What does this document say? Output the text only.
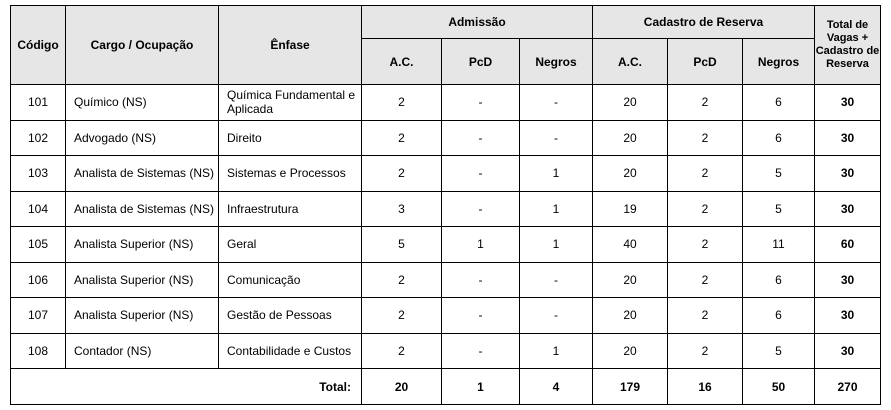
Código	Cargo / Ocupação	Ênfase	Admissão			Cadastro de Reserva			Total de Vagas + Cadastro de Reserva
			A.C.	PcD	Negros	A.C.	PcD	Negros	
101	Químico (NS)	Química Fundamental e Aplicada	2	-	-	20	2	6	30
102	Advogado (NS)	Direito	2	-	-	20	2	6	30
103	Analista de Sistemas (NS)	Sistemas e Processos	2	-	1	20	2	5	30
104	Analista de Sistemas (NS)	Infraestrutura	3	-	1	19	2	5	30
105	Analista Superior (NS)	Geral	5	1	1	40	2	11	60
106	Analista Superior (NS)	Comunicação	2	-	-	20	2	6	30
107	Analista Superior (NS)	Gestão de Pessoas	2	-	-	20	2	6	30
108	Contador (NS)	Contabilidade e Custos	2	-	1	20	2	5	30
Total:			20	1	4	179	16	50	270
